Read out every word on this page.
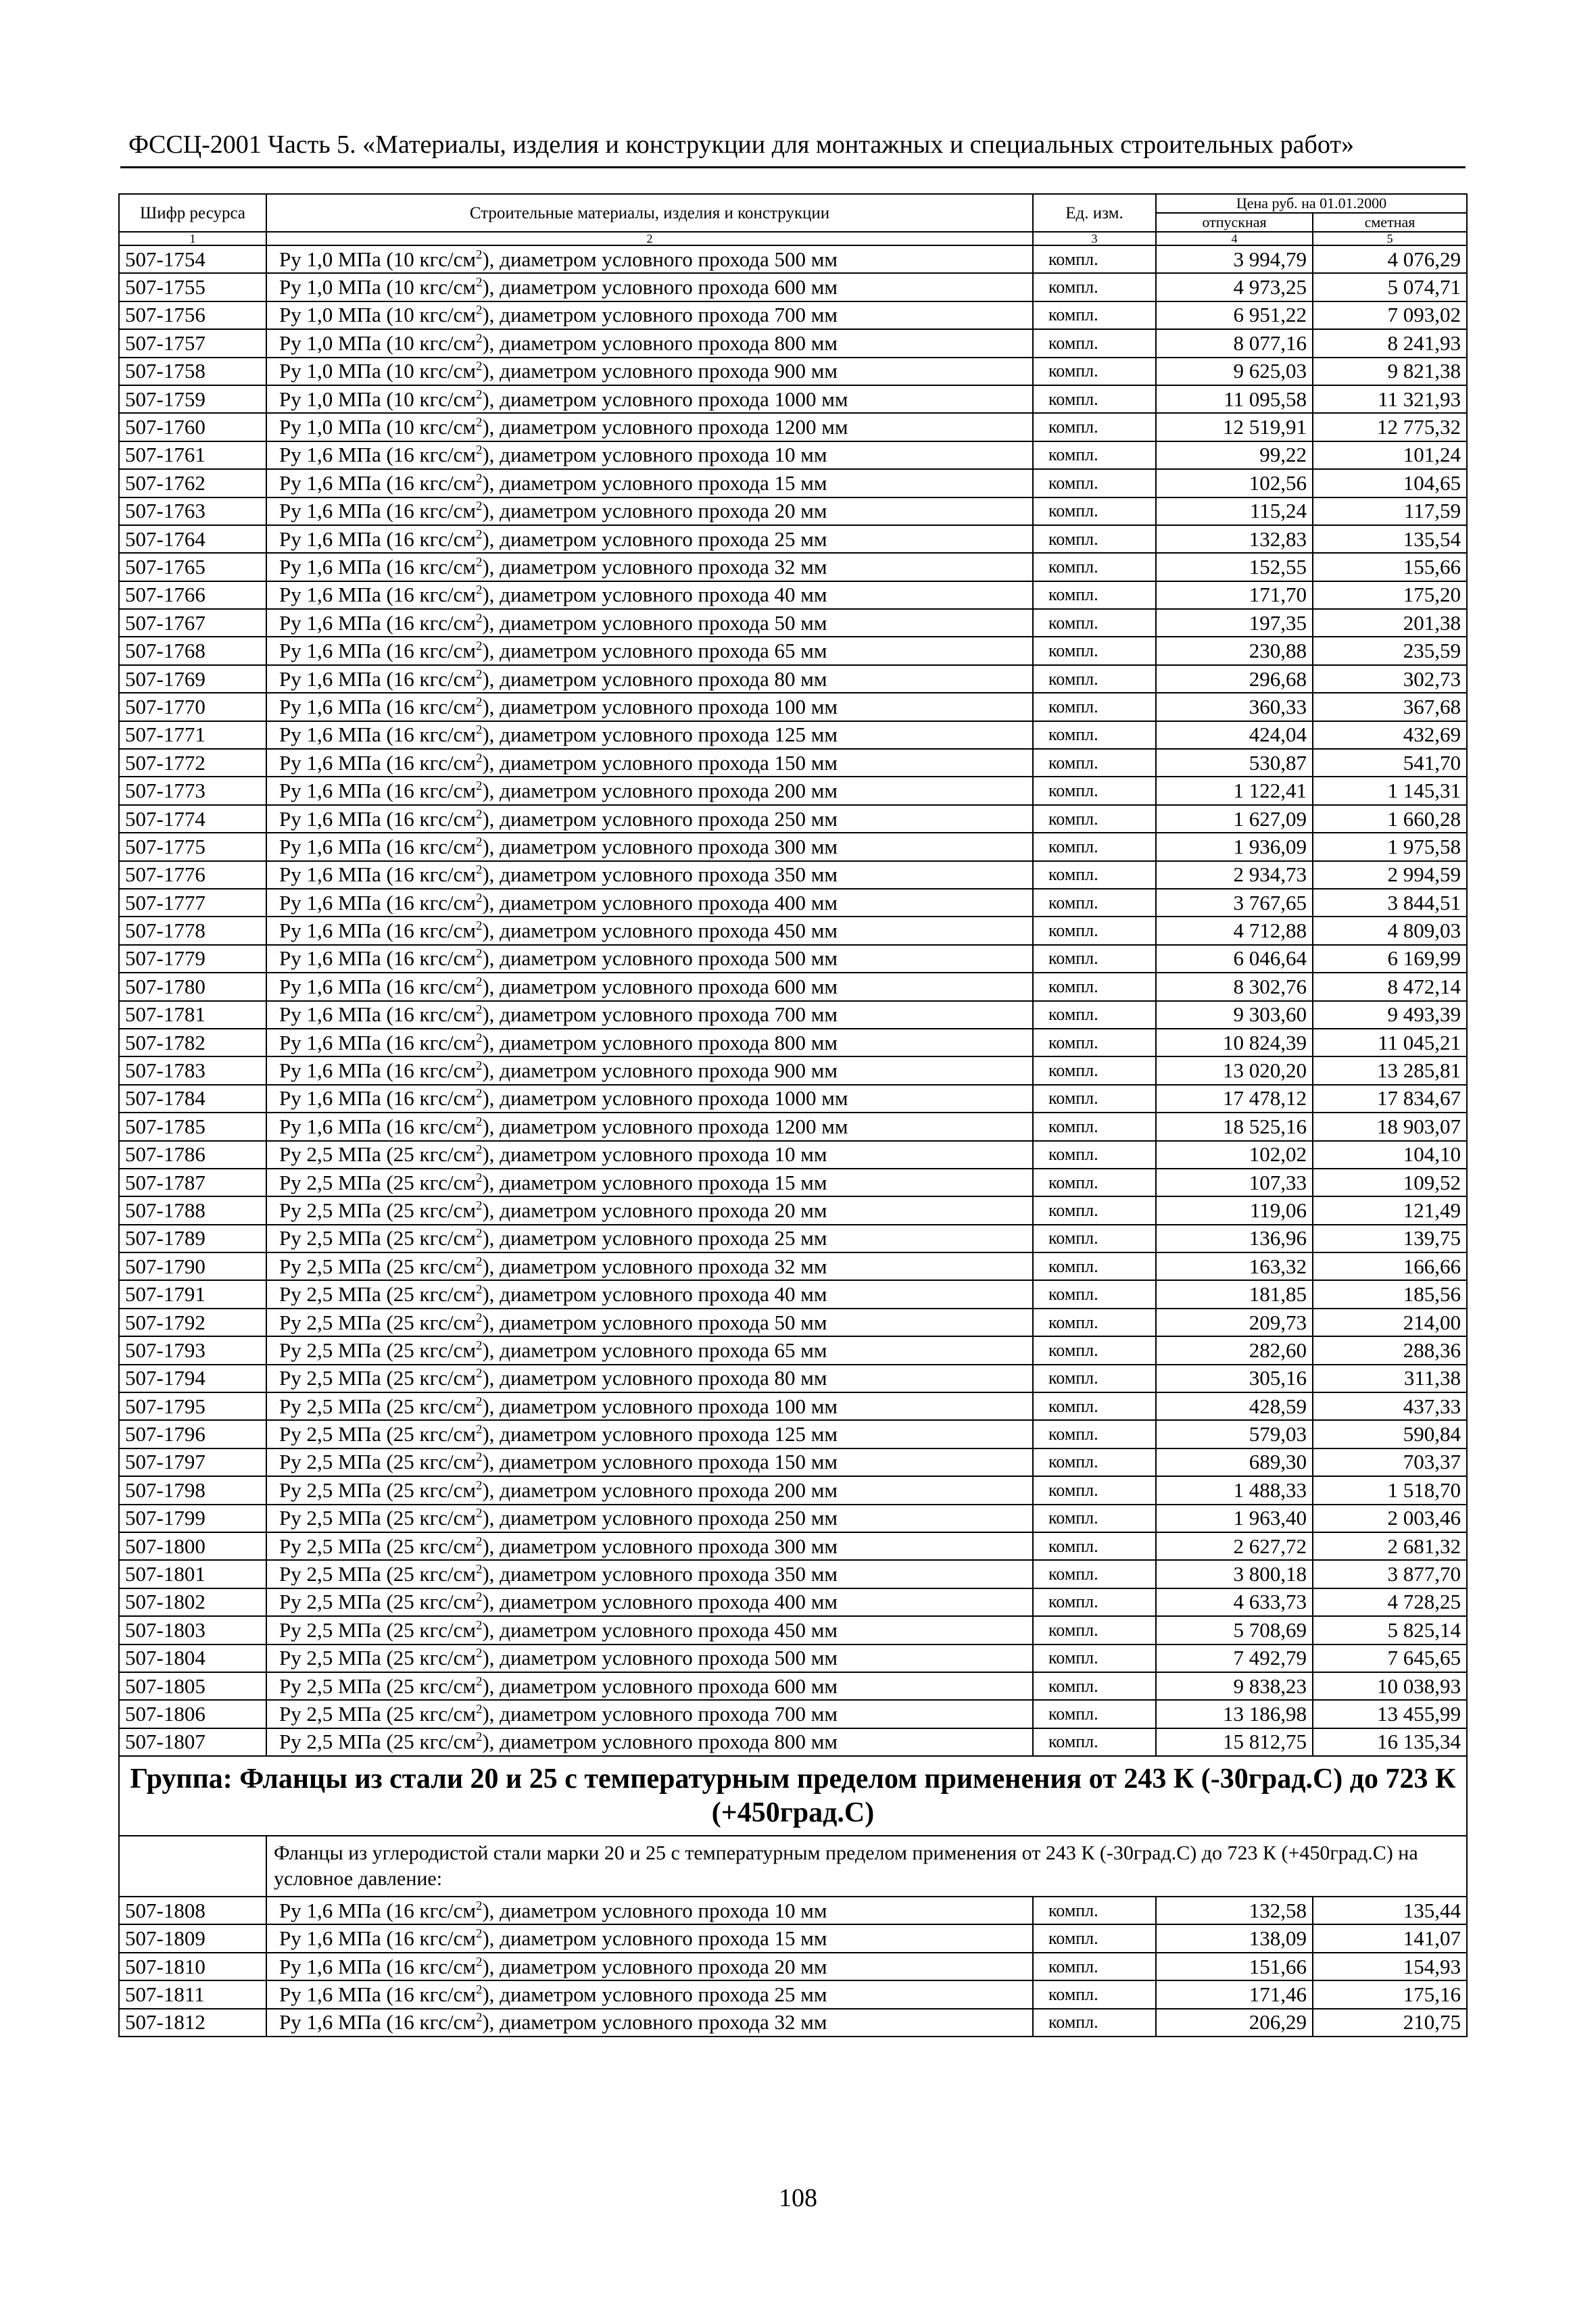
ФССЦ-2001 Часть 5. «Материалы, изделия и конструкции для монтажных и специальных строительных работ»
Шифр ресурса	Строительные материалы, изделия и конструкции	Ед. изм.	Цена руб. на 01.01.2000	
			отпускная	сметная
1	2	3	4	5
507-1754	Ру 1,0 МПа (10 кгс/$см^2$), диаметром условного прохода 500 мм	компл.	3 994,79	4 076,29
507-1755	Ру 1,0 МПа (10 кгс/$см^2$), диаметром условного прохода 600 мм	компл.	4 973,25	5 074,71
507-1756	Ру 1,0 МПа (10 кгс/$см^2$), диаметром условного прохода 700 мм	компл.	6 951,22	7 093,02
507-1757	Ру 1,0 МПа (10 кгс/$см^2$), диаметром условного прохода 800 мм	компл.	8 077,16	8 241,93
507-1758	Ру 1,0 МПа (10 кгс/$см^2$), диаметром условного прохода 900 мм	компл.	9 625,03	9 821,38
507-1759	Ру 1,0 МПа (10 кгс/$см^2$), диаметром условного прохода 1000 мм	компл.	11 095,58	11 321,93
507-1760	Ру 1,0 МПа (10 кгс/$см^2$), диаметром условного прохода 1200 мм	компл.	12 519,91	12 775,32
507-1761	Ру 1,6 МПа (16 кгс/$см^2$), диаметром условного прохода 10 мм	компл.	99,22	101,24
507-1762	Ру 1,6 МПа (16 кгс/$см^2$), диаметром условного прохода 15 мм	компл.	102,56	104,65
507-1763	Ру 1,6 МПа (16 кгс/$см^2$), диаметром условного прохода 20 мм	компл.	115,24	117,59
507-1764	Ру 1,6 МПа (16 кгс/$см^2$), диаметром условного прохода 25 мм	компл.	132,83	135,54
507-1765	Ру 1,6 МПа (16 кгс/$см^2$), диаметром условного прохода 32 мм	компл.	152,55	155,66
507-1766	Ру 1,6 МПа (16 кгс/$см^2$), диаметром условного прохода 40 мм	компл.	171,70	175,20
507-1767	Ру 1,6 МПа (16 кгс/$см^2$), диаметром условного прохода 50 мм	компл.	197,35	201,38
507-1768	Ру 1,6 МПа (16 кгс/$см^2$), диаметром условного прохода 65 мм	компл.	230,88	235,59
507-1769	Ру 1,6 МПа (16 кгс/$см^2$), диаметром условного прохода 80 мм	компл.	296,68	302,73
507-1770	Ру 1,6 МПа (16 кгс/$см^2$), диаметром условного прохода 100 мм	компл.	360,33	367,68
507-1771	Ру 1,6 МПа (16 кгс/$см^2$), диаметром условного прохода 125 мм	компл.	424,04	432,69
507-1772	Ру 1,6 МПа (16 кгс/$см^2$), диаметром условного прохода 150 мм	компл.	530,87	541,70
507-1773	Ру 1,6 МПа (16 кгс/$см^2$), диаметром условного прохода 200 мм	компл.	1 122,41	1 145,31
507-1774	Ру 1,6 МПа (16 кгс/$см^2$), диаметром условного прохода 250 мм	компл.	1 627,09	1 660,28
507-1775	Ру 1,6 МПа (16 кгс/$см^2$), диаметром условного прохода 300 мм	компл.	1 936,09	1 975,58
507-1776	Ру 1,6 МПа (16 кгс/$см^2$), диаметром условного прохода 350 мм	компл.	2 934,73	2 994,59
507-1777	Ру 1,6 МПа (16 кгс/$см^2$), диаметром условного прохода 400 мм	компл.	3 767,65	3 844,51
507-1778	Ру 1,6 МПа (16 кгс/$см^2$), диаметром условного прохода 450 мм	компл.	4 712,88	4 809,03
507-1779	Ру 1,6 МПа (16 кгс/$см^2$), диаметром условного прохода 500 мм	компл.	6 046,64	6 169,99
507-1780	Ру 1,6 МПа (16 кгс/$см^2$), диаметром условного прохода 600 мм	компл.	8 302,76	8 472,14
507-1781	Ру 1,6 МПа (16 кгс/$см^2$), диаметром условного прохода 700 мм	компл.	9 303,60	9 493,39
507-1782	Ру 1,6 МПа (16 кгс/$см^2$), диаметром условного прохода 800 мм	компл.	10 824,39	11 045,21
507-1783	Ру 1,6 МПа (16 кгс/$см^2$), диаметром условного прохода 900 мм	компл.	13 020,20	13 285,81
507-1784	Ру 1,6 МПа (16 кгс/$см^2$), диаметром условного прохода 1000 мм	компл.	17 478,12	17 834,67
507-1785	Ру 1,6 МПа (16 кгс/$см^2$), диаметром условного прохода 1200 мм	компл.	18 525,16	18 903,07
507-1786	Ру 2,5 МПа (25 кгс/$см^2$), диаметром условного прохода 10 мм	компл.	102,02	104,10
507-1787	Ру 2,5 МПа (25 кгс/$см^2$), диаметром условного прохода 15 мм	компл.	107,33	109,52
507-1788	Ру 2,5 МПа (25 кгс/$см^2$), диаметром условного прохода 20 мм	компл.	119,06	121,49
507-1789	Ру 2,5 МПа (25 кгс/$см^2$), диаметром условного прохода 25 мм	компл.	136,96	139,75
507-1790	Ру 2,5 МПа (25 кгс/$см^2$), диаметром условного прохода 32 мм	компл.	163,32	166,66
507-1791	Ру 2,5 МПа (25 кгс/$см^2$), диаметром условного прохода 40 мм	компл.	181,85	185,56
507-1792	Ру 2,5 МПа (25 кгс/$см^2$), диаметром условного прохода 50 мм	компл.	209,73	214,00
507-1793	Ру 2,5 МПа (25 кгс/$см^2$), диаметром условного прохода 65 мм	компл.	282,60	288,36
507-1794	Ру 2,5 МПа (25 кгс/$см^2$), диаметром условного прохода 80 мм	компл.	305,16	311,38
507-1795	Ру 2,5 МПа (25 кгс/$см^2$), диаметром условного прохода 100 мм	компл.	428,59	437,33
507-1796	Ру 2,5 МПа (25 кгс/$см^2$), диаметром условного прохода 125 мм	компл.	579,03	590,84
507-1797	Ру 2,5 МПа (25 кгс/$см^2$), диаметром условного прохода 150 мм	компл.	689,30	703,37
507-1798	Ру 2,5 МПа (25 кгс/$см^2$), диаметром условного прохода 200 мм	компл.	1 488,33	1 518,70
507-1799	Ру 2,5 МПа (25 кгс/$см^2$), диаметром условного прохода 250 мм	компл.	1 963,40	2 003,46
507-1800	Ру 2,5 МПа (25 кгс/$см^2$), диаметром условного прохода 300 мм	компл.	2 627,72	2 681,32
507-1801	Ру 2,5 МПа (25 кгс/$см^2$), диаметром условного прохода 350 мм	компл.	3 800,18	3 877,70
507-1802	Ру 2,5 МПа (25 кгс/$см^2$), диаметром условного прохода 400 мм	компл.	4 633,73	4 728,25
507-1803	Ру 2,5 МПа (25 кгс/$см^2$), диаметром условного прохода 450 мм	компл.	5 708,69	5 825,14
507-1804	Ру 2,5 МПа (25 кгс/$см^2$), диаметром условного прохода 500 мм	компл.	7 492,79	7 645,65
507-1805	Ру 2,5 МПа (25 кгс/$см^2$), диаметром условного прохода 600 мм	компл.	9 838,23	10 038,93
507-1806	Ру 2,5 МПа (25 кгс/$см^2$), диаметром условного прохода 700 мм	компл.	13 186,98	13 455,99
507-1807	Ру 2,5 МПа (25 кгс/$см^2$), диаметром условного прохода 800 мм	компл.	15 812,75	16 135,34
Группа: Фланцы из стали 20 и 25 с температурным пределом применения от 243 К (-30град.С) до 723 К (+450град.С)				
	Фланцы из углеродистой стали марки 20 и 25 с температурным пределом применения от 243 К (-30град.С) до 723 К (+450град.С) на условное давление:			
507-1808	Ру 1,6 МПа (16 кгс/$см^2$), диаметром условного прохода 10 мм	компл.	132,58	135,44
507-1809	Ру 1,6 МПа (16 кгс/$см^2$), диаметром условного прохода 15 мм	компл.	138,09	141,07
507-1810	Ру 1,6 МПа (16 кгс/$см^2$), диаметром условного прохода 20 мм	компл.	151,66	154,93
507-1811	Ру 1,6 МПа (16 кгс/$см^2$), диаметром условного прохода 25 мм	компл.	171,46	175,16
507-1812	Ру 1,6 МПа (16 кгс/$см^2$), диаметром условного прохода 32 мм	компл.	206,29	210,75
108
